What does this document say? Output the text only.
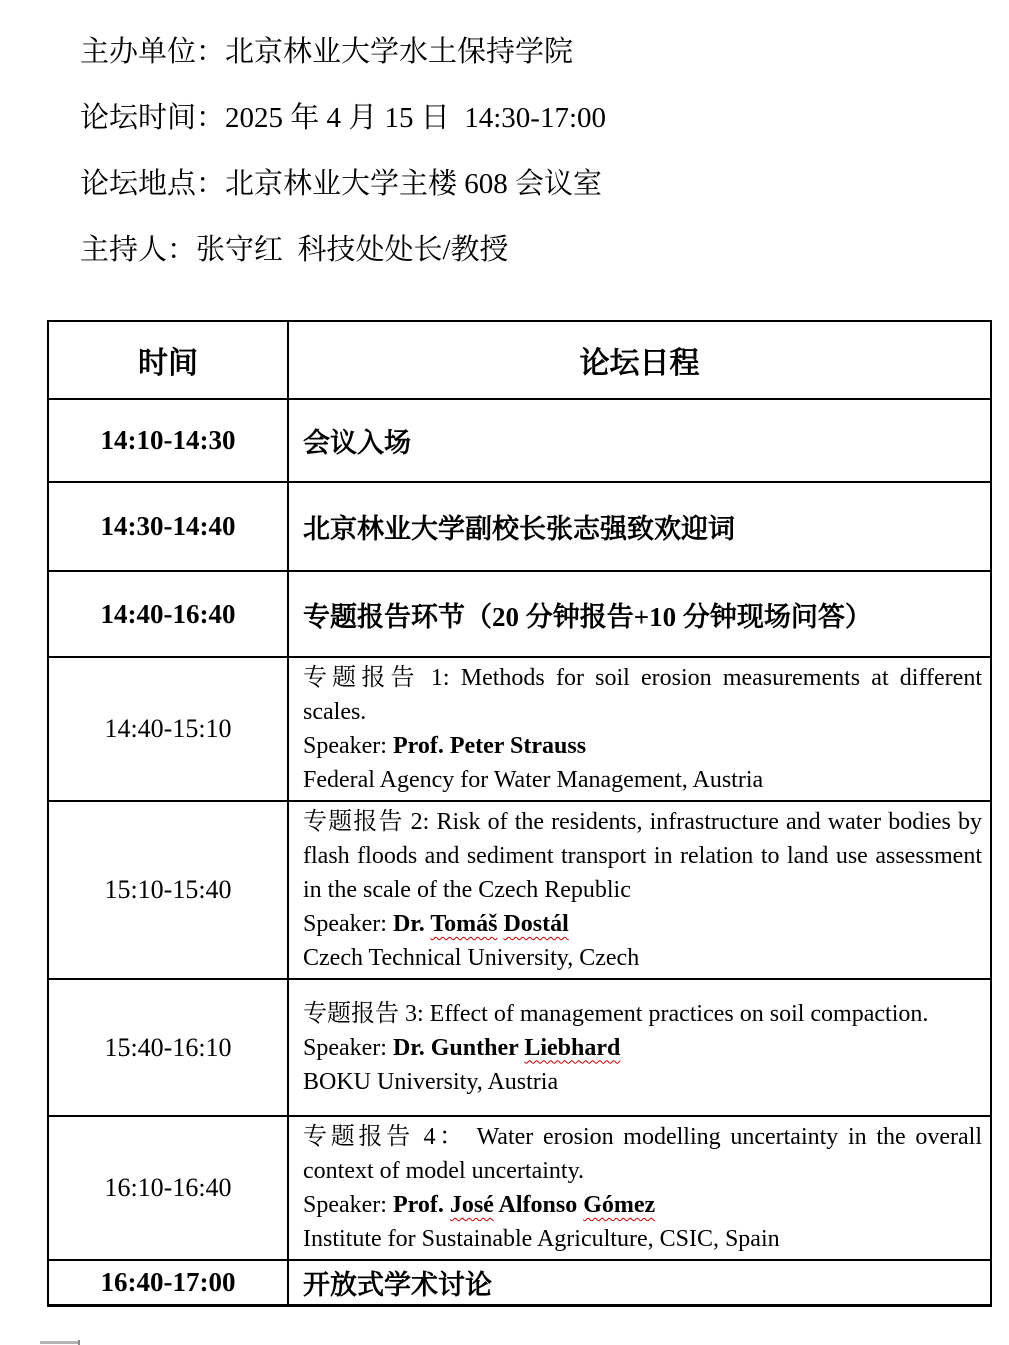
主办单位：北京林业大学水土保持学院

论坛时间：2025 年 4 月 15 日  14:30-17:00

论坛地点：北京林业大学主楼 608 会议室

主持人：张守红  科技处处长/教授

时间	论坛日程
14:10-14:30	会议入场
14:30-14:40	北京林业大学副校长张志强致欢迎词
14:40-16:40	专题报告环节（20 分钟报告+10 分钟现场问答）
14:40-15:10	专题报告 1: Methods for soil erosion measurements at different scales.

Speaker: Prof. Peter Strauss

Federal Agency for Water Management, Austria

15:10-15:40	专题报告 2: Risk of the residents, infrastructure and water bodies by flash floods and sediment transport in relation to land use assessment in the scale of the Czech Republic

Speaker: Dr. Tomáš Dostál

Czech Technical University, Czech

15:40-16:10	专题报告 3: Effect of management practices on soil compaction.

Speaker: Dr. Gunther Liebhard

BOKU University, Austria

16:10-16:40	专题报告 4： Water erosion modelling uncertainty in the overall context of model uncertainty.

Speaker: Prof. José Alfonso Gómez

Institute for Sustainable Agriculture, CSIC, Spain

16:40-17:00	开放式学术讨论
